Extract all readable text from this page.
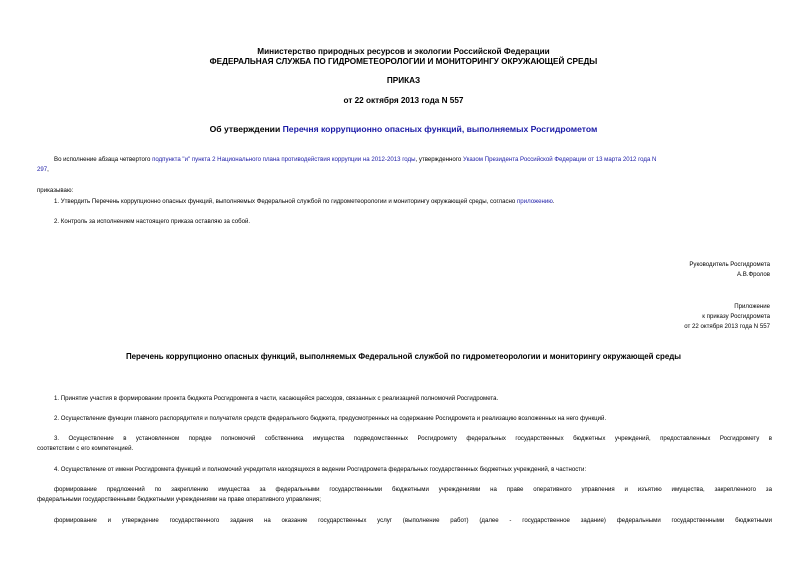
Министерство природных ресурсов и экологии Российской Федерации
ФЕДЕРАЛЬНАЯ СЛУЖБА ПО ГИДРОМЕТЕОРОЛОГИИ И МОНИТОРИНГУ ОКРУЖАЮЩЕЙ СРЕДЫ
ПРИКАЗ
от 22 октября 2013 года N 557
Об утверждении Перечня коррупционно опасных функций, выполняемых Росгидрометом
Во исполнение абзаца четвертого подпункта "и" пункта 2 Национального плана противодействия коррупции на 2012-2013 годы, утвержденного Указом Президента Российской Федерации от 13 марта 2012 года N
297,
приказываю:
1. Утвердить Перечень коррупционно опасных функций, выполняемых Федеральной службой по гидрометеорологии и мониторингу окружающей среды, согласно приложению.
2. Контроль за исполнением настоящего приказа оставляю за собой.
Руководитель Росгидромета
А.В.Фролов
Приложение
к приказу Росгидромета
от 22 октября 2013 года N 557
Перечень коррупционно опасных функций, выполняемых Федеральной службой по гидрометеорологии и мониторингу окружающей среды
1. Принятие участия в формировании проекта бюджета Росгидромета в части, касающейся расходов, связанных с реализацией полномочий Росгидромета.
2. Осуществление функции главного распорядителя и получателя средств федерального бюджета, предусмотренных на содержание Росгидромета и реализацию возложенных на него функций.
3. Осуществление в установленном порядке полномочий собственника имущества подведомственных Росгидромету федеральных государственных бюджетных учреждений, предоставленных Росгидромету в
соответствии с его компетенцией.
4. Осуществление от имени Росгидромета функций и полномочий учредителя находящихся в ведении Росгидромета федеральных государственных бюджетных учреждений, в частности:
формирование предложений по закреплению имущества за федеральными государственными бюджетными учреждениями на праве оперативного управления и изъятию имущества, закрепленного за
федеральными государственными бюджетными учреждениями на праве оперативного управления;
формирование и утверждение государственного задания на оказание государственных услуг (выполнение работ) (далее - государственное задание) федеральными государственными бюджетными
